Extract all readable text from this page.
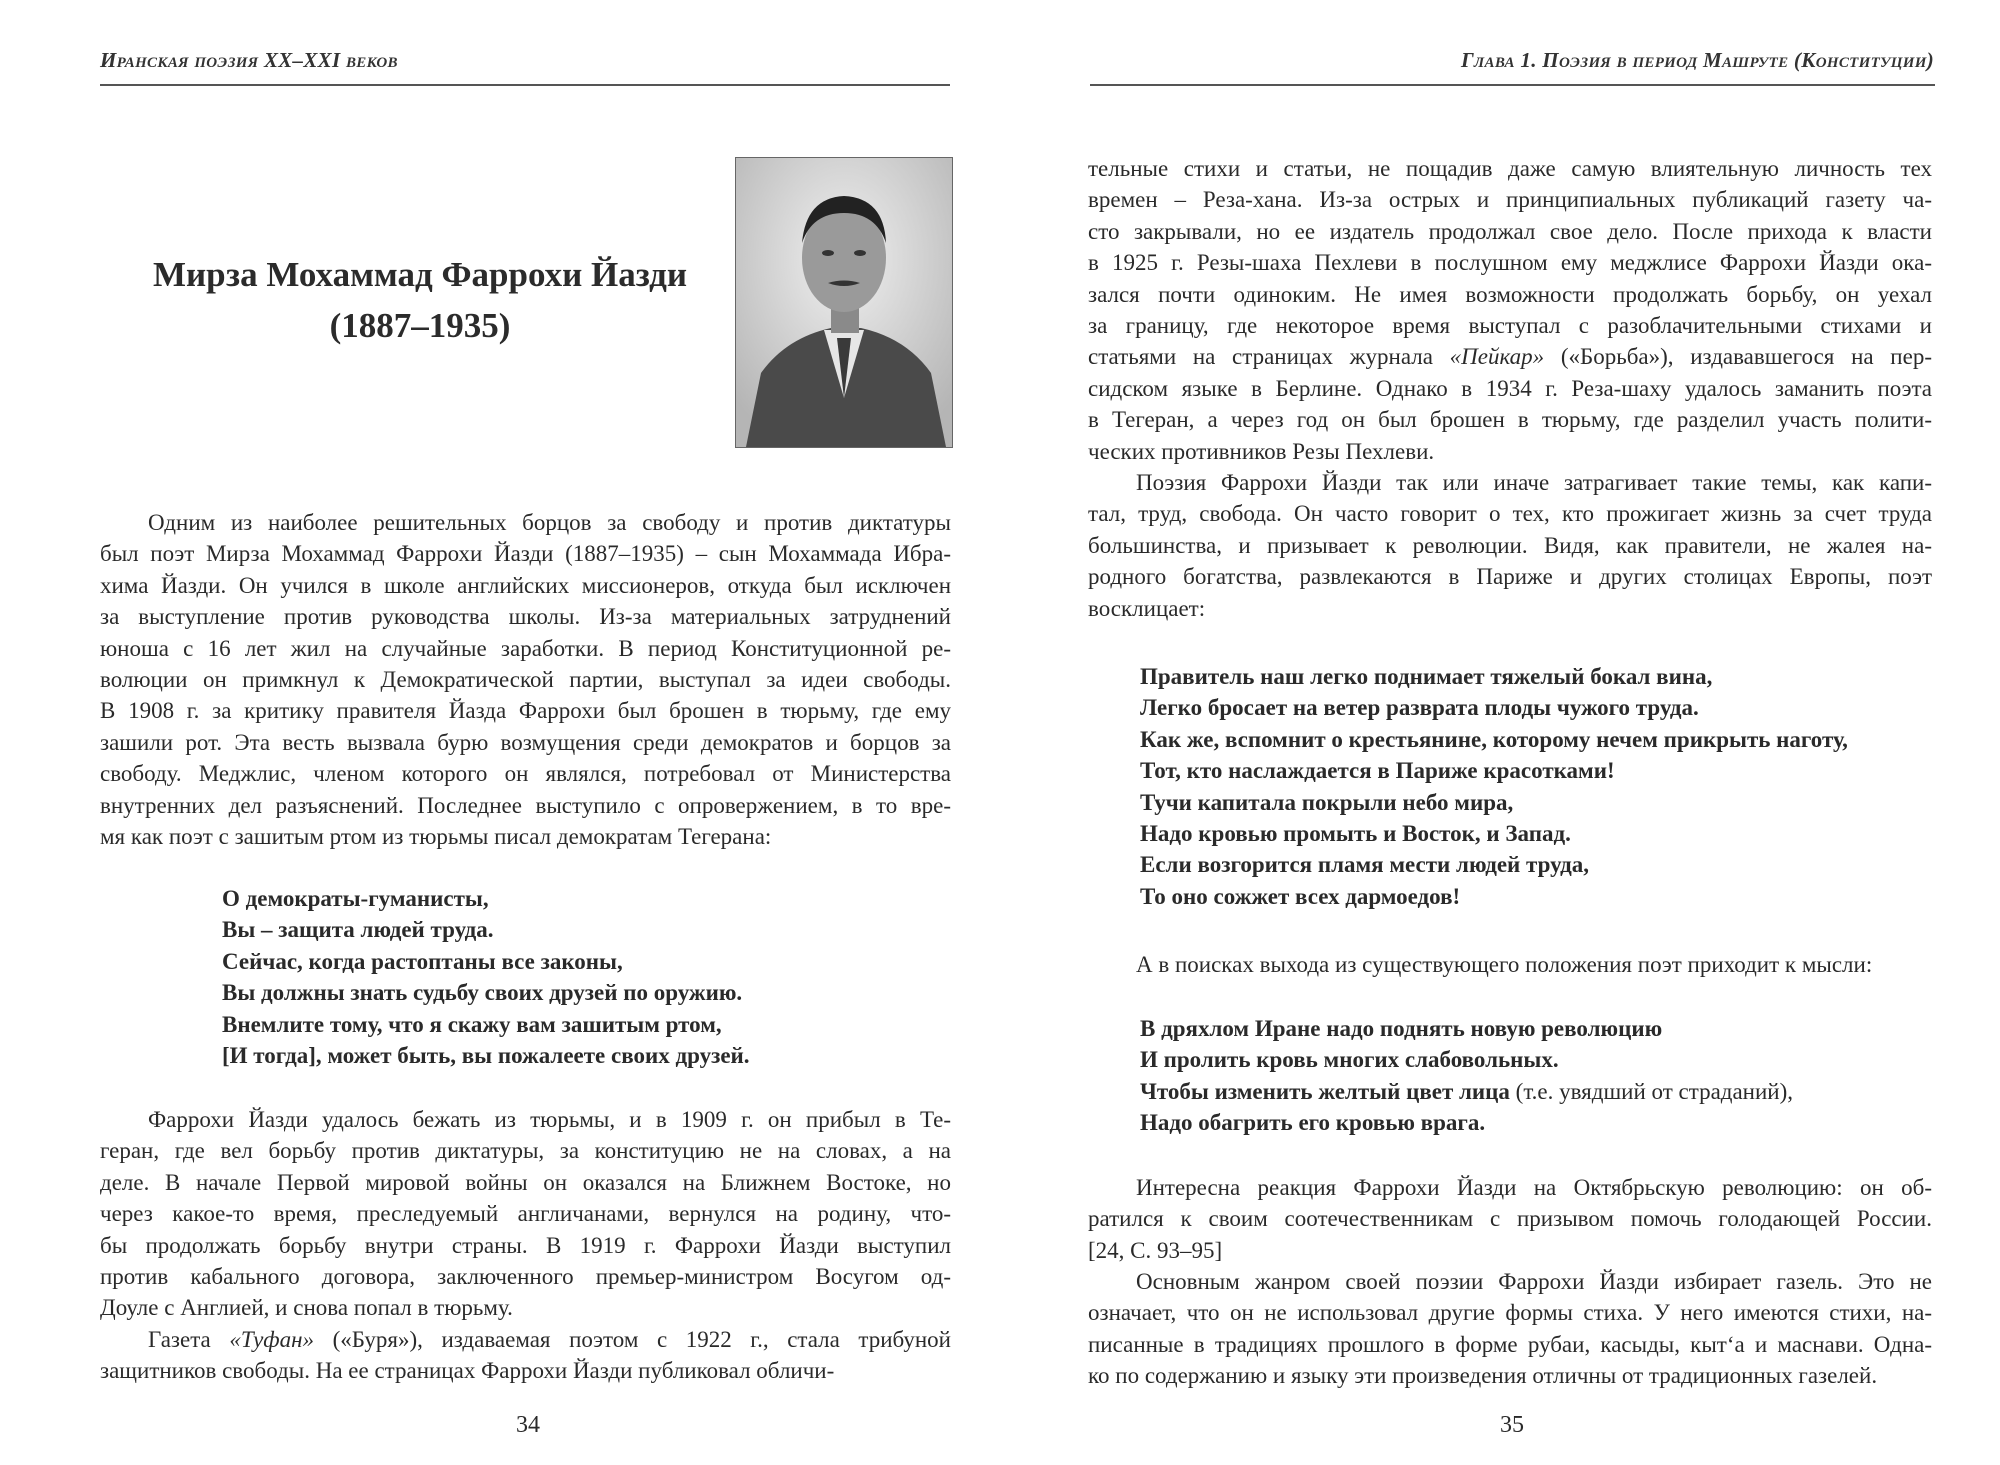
Иранская поэзия XX–XXI веков
Мирза Мохаммад Фаррохи Йазди
(1887–1935)
Одним из наиболее решительных борцов за свободу и против диктатуры
был поэт Мирза Мохаммад Фаррохи Йазди (1887–1935) – сын Мохаммада Ибра-
хима Йазди. Он учился в школе английских миссионеров, откуда был исключен
за выступление против руководства школы. Из-за материальных затруднений
юноша с 16 лет жил на случайные заработки. В период Конституционной ре-
волюции он примкнул к Демократической партии, выступал за идеи свободы.
В 1908 г. за критику правителя Йазда Фаррохи был брошен в тюрьму, где ему
зашили рот. Эта весть вызвала бурю возмущения среди демократов и борцов за
свободу. Меджлис, членом которого он являлся, потребовал от Министерства
внутренних дел разъяснений. Последнее выступило с опровержением, в то вре-
мя как поэт с зашитым ртом из тюрьмы писал демократам Тегерана:
О демократы-гуманисты,
Вы – защита людей труда.
Сейчас, когда растоптаны все законы,
Вы должны знать судьбу своих друзей по оружию.
Внемлите тому, что я скажу вам зашитым ртом,
[И тогда], может быть, вы пожалеете своих друзей.
Фаррохи Йазди удалось бежать из тюрьмы, и в 1909 г. он прибыл в Те-
геран, где вел борьбу против диктатуры, за конституцию не на словах, а на
деле. В начале Первой мировой войны он оказался на Ближнем Востоке, но
через какое-то время, преследуемый англичанами, вернулся на родину, что-
бы продолжать борьбу внутри страны. В 1919 г. Фаррохи Йазди выступил
против кабального договора, заключенного премьер-министром Восугом од-
Доуле с Англией, и снова попал в тюрьму.
Газета «Туфан» («Буря»), издаваемая поэтом с 1922 г., стала трибуной
защитников свободы. На ее страницах Фаррохи Йазди публиковал обличи-
34
Глава 1. Поэзия в период Машруте (Конституции)
тельные стихи и статьи, не пощадив даже самую влиятельную личность тех
времен – Реза-хана. Из-за острых и принципиальных публикаций газету ча-
сто закрывали, но ее издатель продолжал свое дело. После прихода к власти
в 1925 г. Резы-шаха Пехлеви в послушном ему меджлисе Фаррохи Йазди ока-
зался почти одиноким. Не имея возможности продолжать борьбу, он уехал
за границу, где некоторое время выступал с разоблачительными стихами и
статьями на страницах журнала «Пейкар» («Борьба»), издававшегося на пер-
сидском языке в Берлине. Однако в 1934 г. Реза-шаху удалось заманить поэта
в Тегеран, а через год он был брошен в тюрьму, где разделил участь полити-
ческих противников Резы Пехлеви.
Поэзия Фаррохи Йазди так или иначе затрагивает такие темы, как капи-
тал, труд, свобода. Он часто говорит о тех, кто прожигает жизнь за счет труда
большинства, и призывает к революции. Видя, как правители, не жалея на-
родного богатства, развлекаются в Париже и других столицах Европы, поэт
восклицает:
Правитель наш легко поднимает тяжелый бокал вина,
Легко бросает на ветер разврата плоды чужого труда.
Как же, вспомнит о крестьянине, которому нечем прикрыть наготу,
Тот, кто наслаждается в Париже красотками!
Тучи капитала покрыли небо мира,
Надо кровью промыть и Восток, и Запад.
Если возгорится пламя мести людей труда,
То оно сожжет всех дармоедов!
А в поисках выхода из существующего положения поэт приходит к мысли:
В дряхлом Иране надо поднять новую революцию
И пролить кровь многих слабовольных.
Чтобы изменить желтый цвет лица (т.е. увядший от страданий),
Надо обагрить его кровью врага.
Интересна реакция Фаррохи Йазди на Октябрьскую революцию: он об-
ратился к своим соотечественникам с призывом помочь голодающей России.
[24, С. 93–95]
Основным жанром своей поэзии Фаррохи Йазди избирает газель. Это не
означает, что он не использовал другие формы стиха. У него имеются стихи, на-
писанные в традициях прошлого в форме рубаи, касыды, кыт‘а и маснави. Одна-
ко по содержанию и языку эти произведения отличны от традиционных газелей.
35
